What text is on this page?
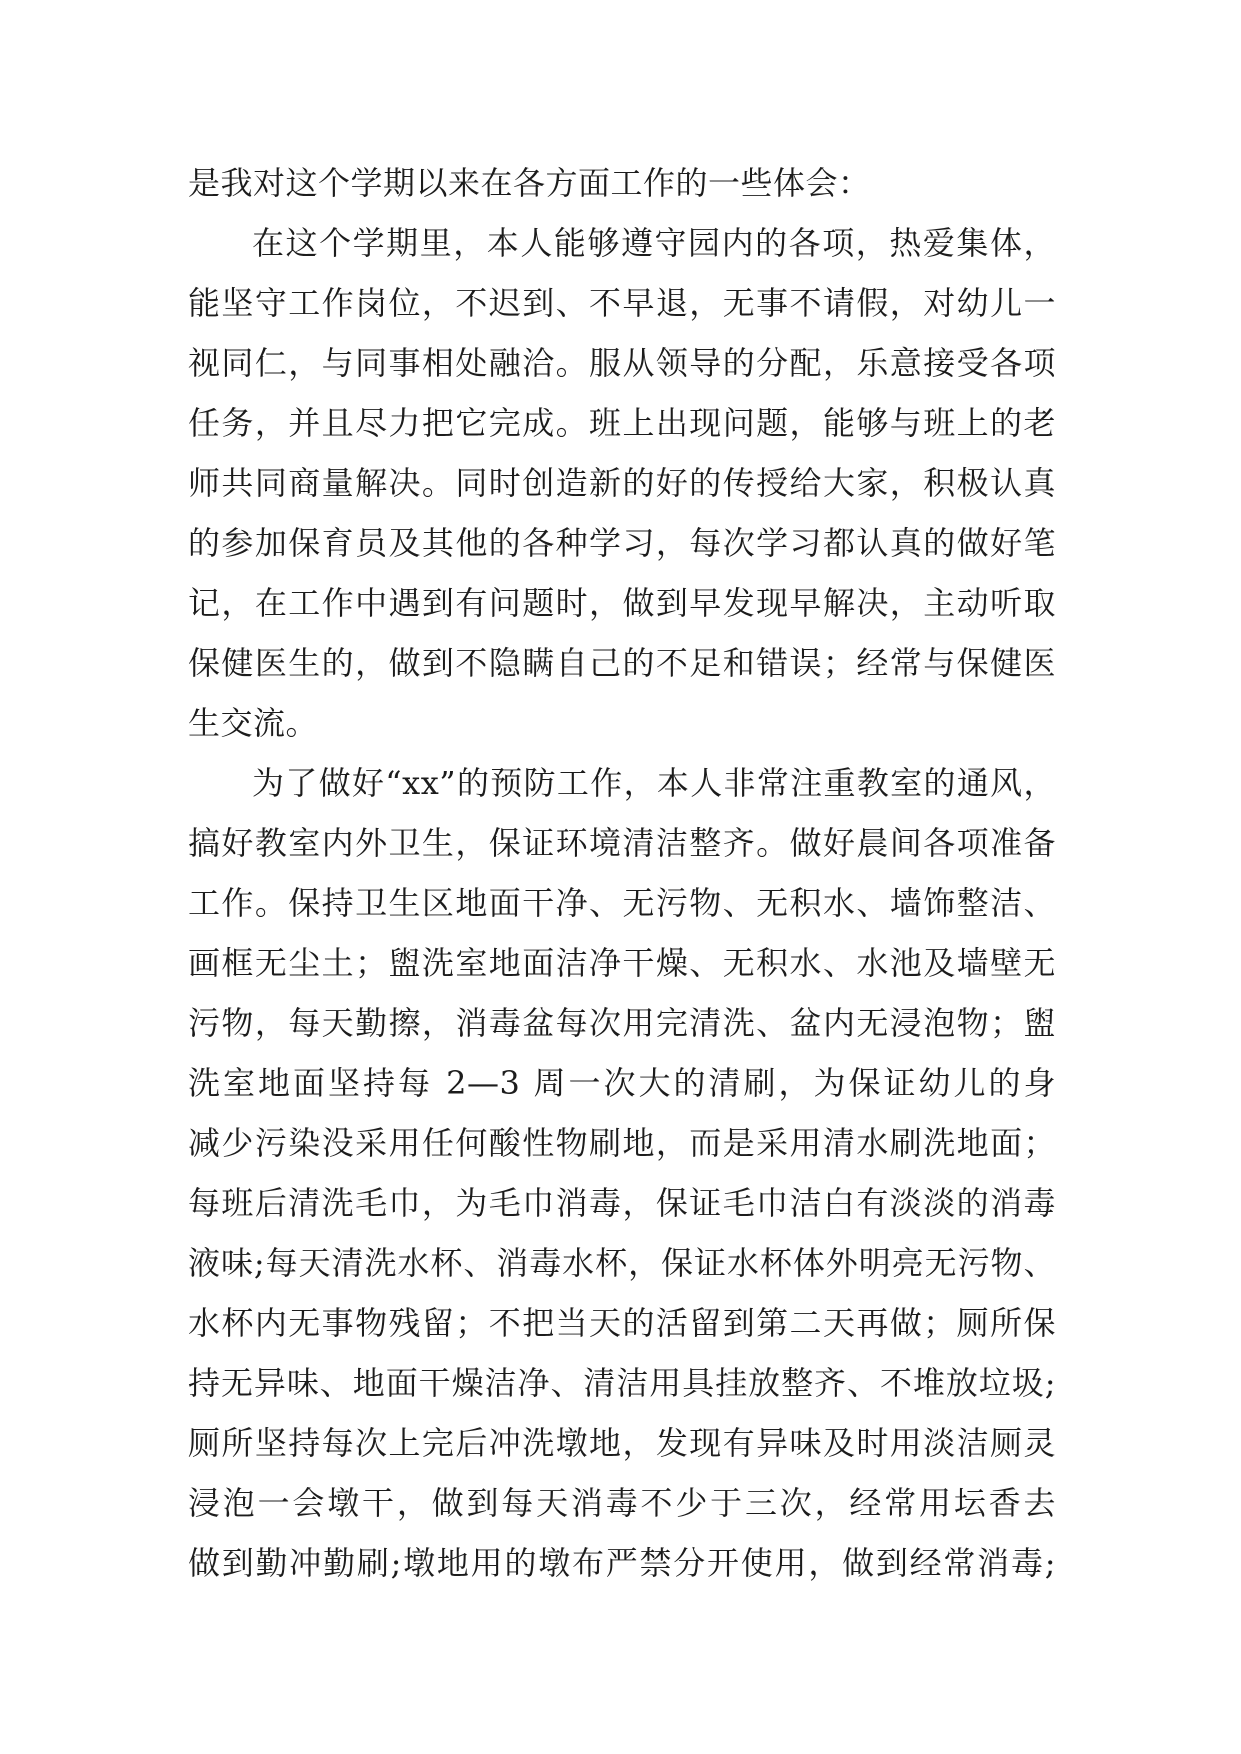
是我对这个学期以来在各方面工作的一些体会：
在这个学期里，本人能够遵守园内的各项，热爱集体，
能坚守工作岗位，不迟到、不早退，无事不请假，对幼儿一
视同仁，与同事相处融洽。服从领导的分配，乐意接受各项
任务，并且尽力把它完成。班上出现问题，能够与班上的老
师共同商量解决。同时创造新的好的传授给大家，积极认真
的参加保育员及其他的各种学习，每次学习都认真的做好笔
记，在工作中遇到有问题时，做到早发现早解决，主动听取
保健医生的，做到不隐瞒自己的不足和错误；经常与保健医
生交流。
为了做好“xx”的预防工作，本人非常注重教室的通风，
搞好教室内外卫生，保证环境清洁整齐。做好晨间各项准备
工作。保持卫生区地面干净、无污物、无积水、墙饰整洁、
画框无尘土；盥洗室地面洁净干燥、无积水、水池及墙壁无
污物，每天勤擦，消毒盆每次用完清洗、盆内无浸泡物；盥
洗室地面坚持每 2—3 周一次大的清刷，为保证幼儿的身
减少污染没采用任何酸性物刷地，而是采用清水刷洗地面；
每班后清洗毛巾，为毛巾消毒，保证毛巾洁白有淡淡的消毒
液味;每天清洗水杯、消毒水杯，保证水杯体外明亮无污物、
水杯内无事物残留；不把当天的活留到第二天再做；厕所保
持无异味、地面干燥洁净、清洁用具挂放整齐、不堆放垃圾;
厕所坚持每次上完后冲洗墩地，发现有异味及时用淡洁厕灵
浸泡一会墩干，做到每天消毒不少于三次，经常用坛香去
做到勤冲勤刷;墩地用的墩布严禁分开使用，做到经常消毒;
